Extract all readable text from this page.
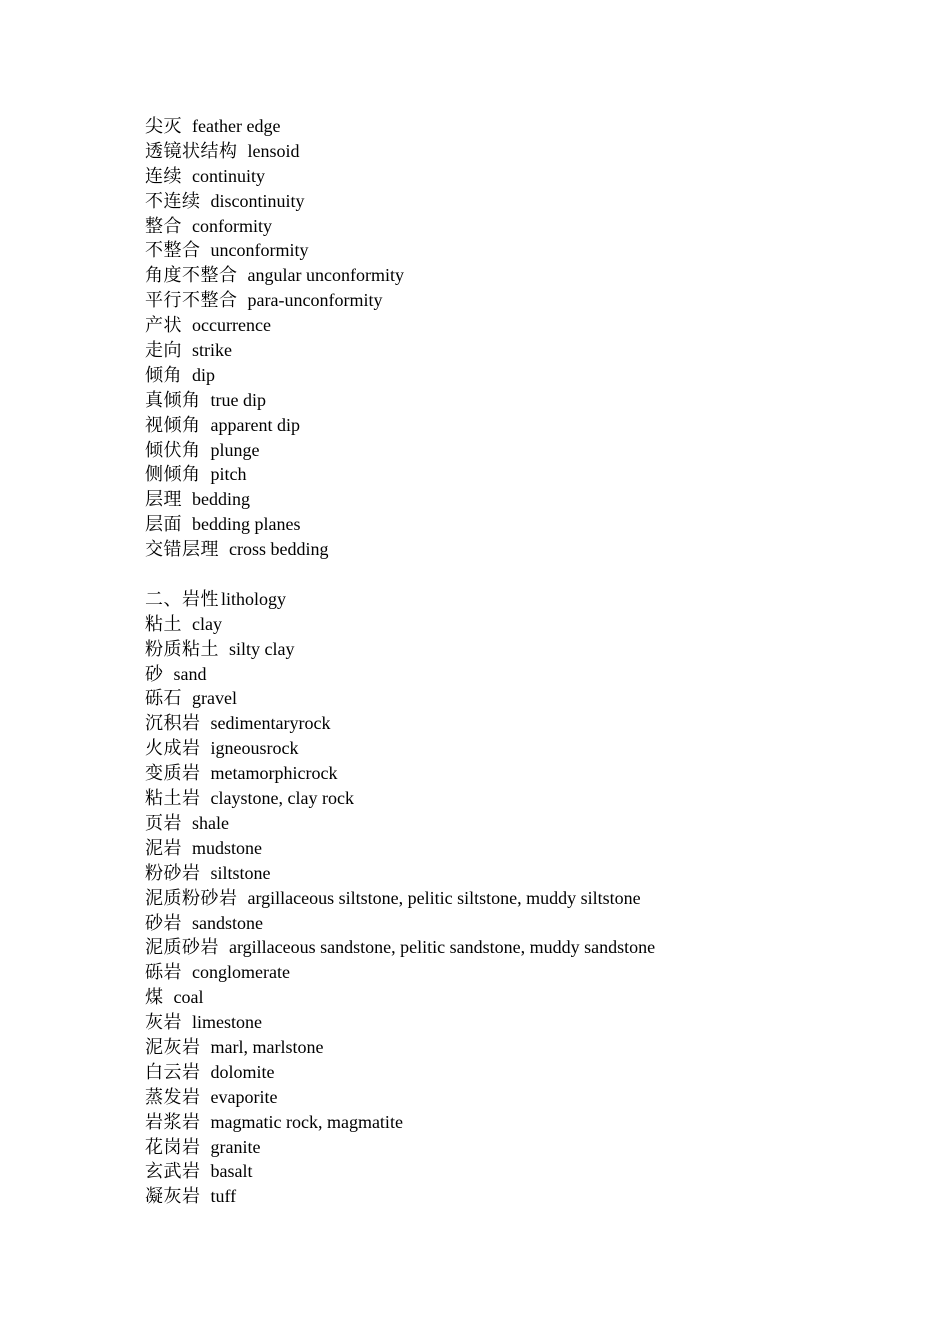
尖灭 feather edge
透镜状结构 lensoid
连续 continuity
不连续 discontinuity
整合 conformity
不整合 unconformity
角度不整合 angular unconformity
平行不整合 para-unconformity
产状 occurrence
走向 strike
倾角 dip
真倾角 true dip
视倾角 apparent dip
倾伏角 plunge
侧倾角 pitch
层理 bedding
层面 bedding planes
交错层理 cross bedding
二、岩性 lithology
粘土 clay
粉质粘土 silty clay
砂 sand
砾石 gravel
沉积岩 sedimentaryrock
火成岩 igneousrock
变质岩 metamorphicrock
粘土岩 claystone, clay rock
页岩 shale
泥岩 mudstone
粉砂岩 siltstone
泥质粉砂岩 argillaceous siltstone, pelitic siltstone, muddy siltstone
砂岩 sandstone
泥质砂岩 argillaceous sandstone, pelitic sandstone, muddy sandstone
砾岩 conglomerate
煤 coal
灰岩 limestone
泥灰岩 marl, marlstone
白云岩 dolomite
蒸发岩 evaporite
岩浆岩 magmatic rock, magmatite
花岗岩 granite
玄武岩 basalt
凝灰岩 tuff
